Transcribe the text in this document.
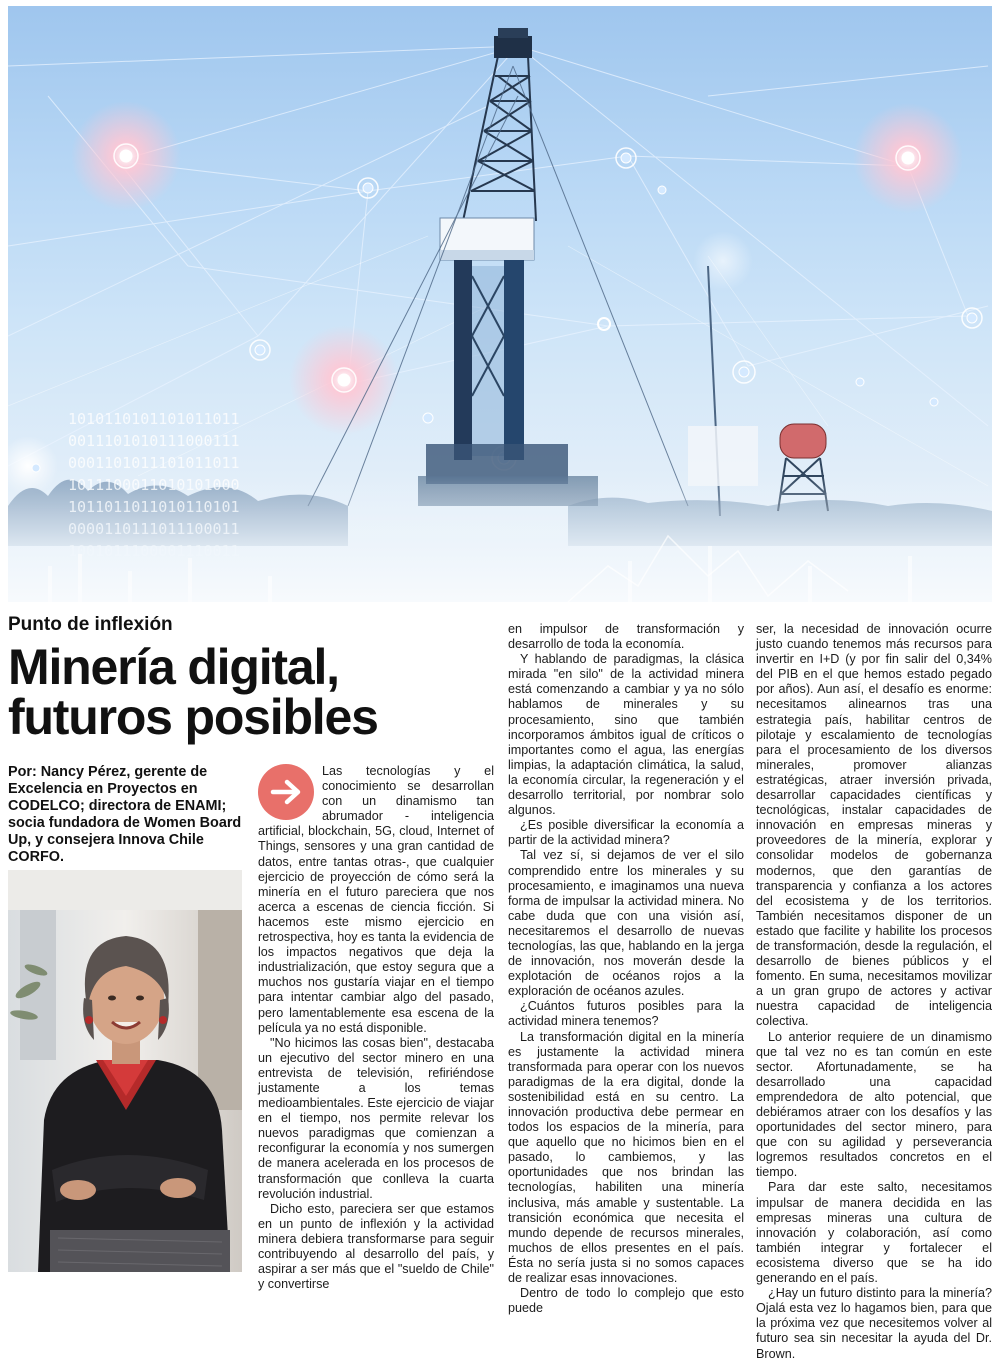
1010110101101011011
0011101010111000111
0001101011101011011
Punto de inflexión
Minería digital, futuros posibles

Por: Nancy Pérez, gerente de Excelencia en Proyectos en CODELCO; directora de ENAMI; socia fundadora de Women Board Up, y consejera Innova Chile CORFO.

Las tecnologías y el conocimiento se desarrollan con un dinamismo tan abrumador - inteligencia artificial, blockchain, 5G, cloud, Internet of Things, sensores y una gran cantidad de datos, entre tantas otras-, que cualquier ejercicio de proyección de cómo será la minería en el futuro pareciera que nos acerca a escenas de ciencia ficción. Si hacemos este mismo ejercicio en retrospectiva, hoy es tanta la evidencia de los impactos negativos que deja la industrialización, que estoy segura que a muchos nos gustaría viajar en el tiempo para intentar cambiar algo del pasado, pero lamentablemente esa escena de la película ya no está disponible.

"No hicimos las cosas bien", destacaba un ejecutivo del sector minero en una entrevista de televisión, refiriéndose justamente a los temas medioambientales. Este ejercicio de viajar en el tiempo, nos permite relevar los nuevos paradigmas que comienzan a reconfigurar la economía y nos sumergen de manera acelerada en los procesos de transformación que conlleva la cuarta revolución industrial.

Dicho esto, pareciera ser que estamos en un punto de inflexión y la actividad minera debiera transformarse para seguir contribuyendo al desarrollo del país, y aspirar a ser más que el "sueldo de Chile" y convertirse

en impulsor de transformación y desarrollo de toda la economía.

Y hablando de paradigmas, la clásica mirada "en silo" de la actividad minera está comenzando a cambiar y ya no sólo hablamos de minerales y su procesamiento, sino que también incorporamos ámbitos igual de críticos o importantes como el agua, las energías limpias, la adaptación climática, la salud, la economía circular, la regeneración y el desarrollo territorial, por nombrar solo algunos.

¿Es posible diversificar la economía a partir de la actividad minera?

Tal vez sí, si dejamos de ver el silo comprendido entre los minerales y su procesamiento, e imaginamos una nueva forma de impulsar la actividad minera. No cabe duda que con una visión así, necesitaremos el desarrollo de nuevas tecnologías, las que, hablando en la jerga de innovación, nos moverán desde la explotación de océanos rojos a la exploración de océanos azules.

¿Cuántos futuros posibles para la actividad minera tenemos?

La transformación digital en la minería es justamente la actividad minera transformada para operar con los nuevos paradigmas de la era digital, donde la sostenibilidad está en su centro. La innovación productiva debe permear en todos los espacios de la minería, para que aquello que no hicimos bien en el pasado, lo cambiemos, y las oportunidades que nos brindan las tecnologías, habiliten una minería inclusiva, más amable y sustentable. La transición económica que necesita el mundo depende de recursos minerales, muchos de ellos presentes en el país. Ésta no sería justa si no somos capaces de realizar esas innovaciones.

Dentro de todo lo complejo que esto puede

ser, la necesidad de innovación ocurre justo cuando tenemos más recursos para invertir en I+D (y por fin salir del 0,34% del PIB en el que hemos estado pegado por años). Aun así, el desafío es enorme: necesitamos alinearnos tras una estrategia país, habilitar centros de pilotaje y escalamiento de tecnologías para el procesamiento de los diversos minerales, promover alianzas estratégicas, atraer inversión privada, desarrollar capacidades científicas y tecnológicas, instalar capacidades de innovación en empresas mineras y proveedores de la minería, explorar y consolidar modelos de gobernanza modernos, que den garantías de transparencia y confianza a los actores del ecosistema y de los territorios. También necesitamos disponer de un estado que facilite y habilite los procesos de transformación, desde la regulación, el desarrollo de bienes públicos y el fomento. En suma, necesitamos movilizar a un gran grupo de actores y activar nuestra capacidad de inteligencia colectiva.

Lo anterior requiere de un dinamismo que tal vez no es tan común en este sector. Afortunadamente, se ha desarrollado una capacidad emprendedora de alto potencial, que debiéramos atraer con los desafíos y las oportunidades del sector minero, para que con su agilidad y perseverancia logremos resultados concretos en el tiempo.

Para dar este salto, necesitamos impulsar de manera decidida en las empresas mineras una cultura de innovación y colaboración, así como también integrar y fortalecer el ecosistema diverso que se ha ido generando en el país.

¿Hay un futuro distinto para la minería? Ojalá esta vez lo hagamos bien, para que la próxima vez que necesitemos volver al futuro sea sin necesitar la ayuda del Dr. Brown.
